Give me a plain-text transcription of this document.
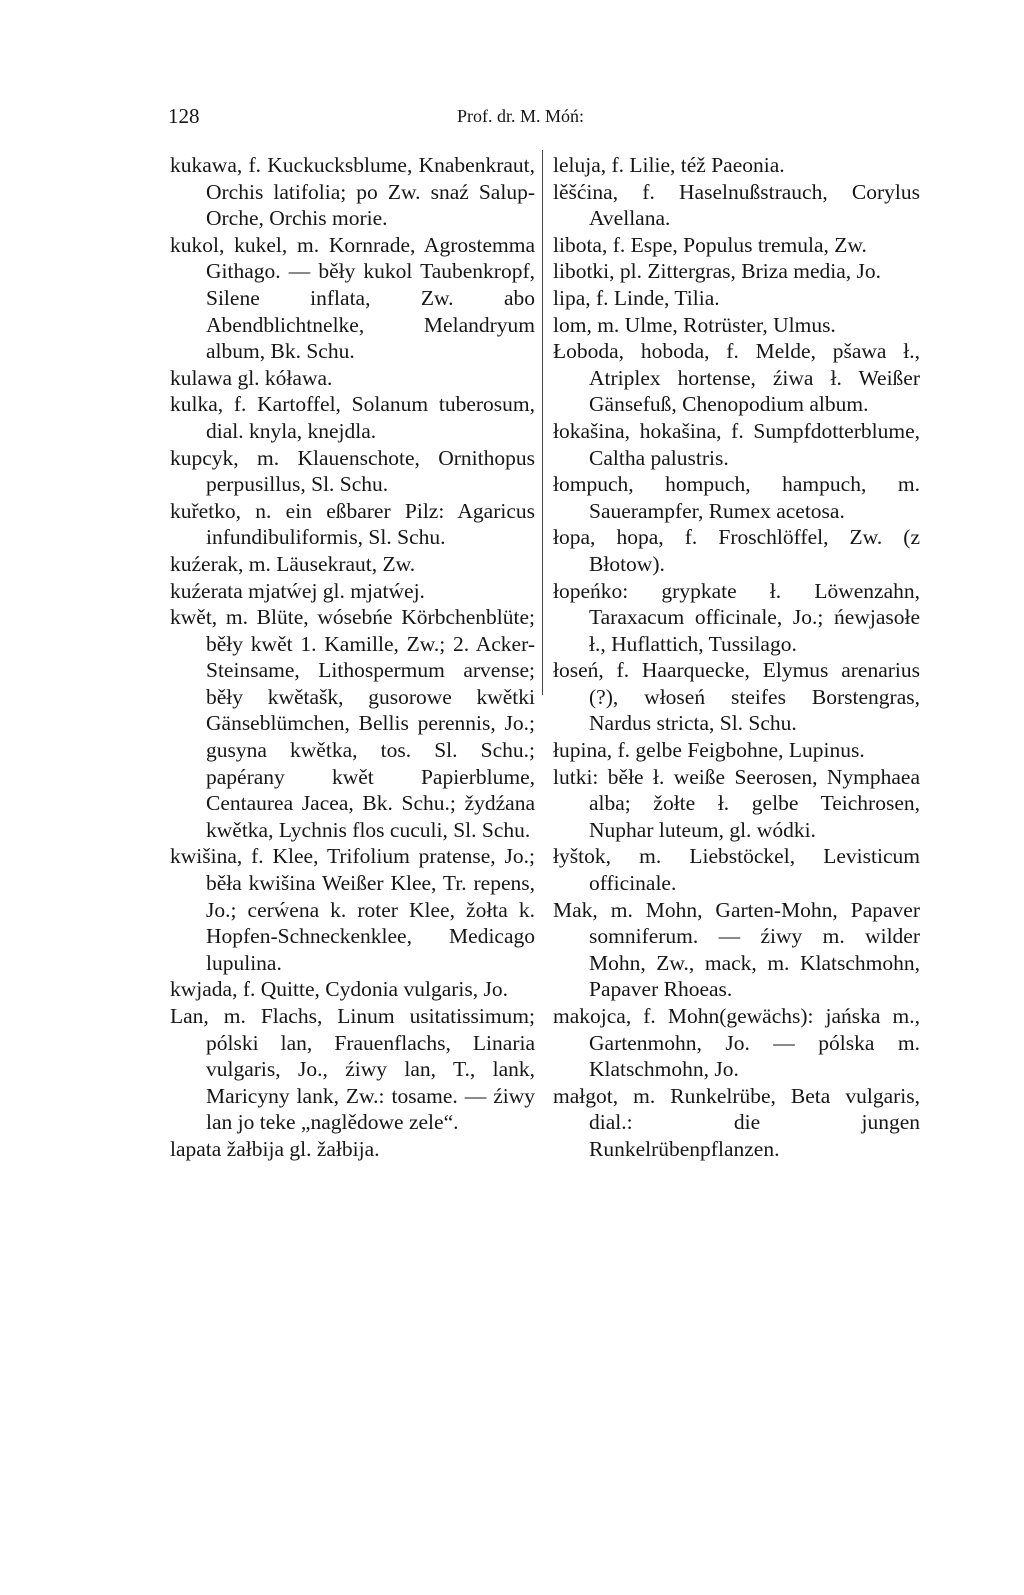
128	Prof. dr. M. Móń:

kukawa, f. Kuckucksblume, Knabenkraut, Orchis latifolia; po Zw. snaź Salup-Orche, Orchis morie.

kukol, kukel, m. Kornrade, Agrostemma Githago. — běły kukol Taubenkropf, Silene inflata, Zw. abo Abendblichtnelke, Melandryum album, Bk. Schu.

kulawa gl. kóława.

kulka, f. Kartoffel, Solanum tuberosum, dial. knyla, knejdla.

kupcyk, m. Klauenschote, Ornithopus perpusillus, Sl. Schu.

kuřetko, n. ein eßbarer Pilz: Agaricus infundibuliformis, Sl. Schu.

kuźerak, m. Läusekraut, Zw.

kuźerata mjatẃej gl. mjatẃej.

kwět, m. Blüte, wósebńe Körbchenblüte; běły kwět 1. Kamille, Zw.; 2. Acker-Steinsame, Lithospermum arvense; běły kwětašk, gusorowe kwětki Gänseblümchen, Bellis perennis, Jo.; gusyna kwětka, tos. Sl. Schu.; papérany kwět Papierblume, Centaurea Jacea, Bk. Schu.; žydźana kwětka, Lychnis flos cuculi, Sl. Schu.

kwišina, f. Klee, Trifolium pratense, Jo.; běła kwišina Weißer Klee, Tr. repens, Jo.; cerẃena k. roter Klee, žołta k. Hopfen-Schneckenklee, Medicago lupulina.

kwjada, f. Quitte, Cydonia vulgaris, Jo.

Lan, m. Flachs, Linum usitatissimum; pólski lan, Frauenflachs, Linaria vulgaris, Jo., źiwy lan, T., lank, Maricyny lank, Zw.: tosame. — źiwy lan jo teke „naglědowe zele“.

lapata žałbija gl. žałbija.

leluja, f. Lilie, též Paeonia.

lěšćina, f. Haselnußstrauch, Corylus Avellana.

libota, f. Espe, Populus tremula, Zw.

libotki, pl. Zittergras, Briza media, Jo.

lipa, f. Linde, Tilia.

lom, m. Ulme, Rotrüster, Ulmus.

Łoboda, hoboda, f. Melde, pšawa ł., Atriplex hortense, źiwa ł. Weißer Gänsefuß, Chenopodium album.

łokašina, hokašina, f. Sumpfdotterblume, Caltha palustris.

łompuch, hompuch, hampuch, m. Sauerampfer, Rumex acetosa.

łopa, hopa, f. Froschlöffel, Zw. (z Błotow).

łopeńko: grypkate ł. Löwenzahn, Taraxacum officinale, Jo.; ńewjasołe ł., Huflattich, Tussilago.

łoseń, f. Haarquecke, Elymus arenarius (?), włoseń steifes Borstengras, Nardus stricta, Sl. Schu.

łupina, f. gelbe Feigbohne, Lupinus.

lutki: běłe ł. weiße Seerosen, Nymphaea alba; žołte ł. gelbe Teichrosen, Nuphar luteum, gl. wódki.

łyštok, m. Liebstöckel, Levisticum officinale.

Mak, m. Mohn, Garten-Mohn, Papaver somniferum. — źiwy m. wilder Mohn, Zw., mack, m. Klatschmohn, Papaver Rhoeas.

makojca, f. Mohn(gewächs): jańska m., Gartenmohn, Jo. — pólska m. Klatschmohn, Jo.

małgot, m. Runkelrübe, Beta vulgaris, dial.: die jungen Runkelrübenpflanzen.
